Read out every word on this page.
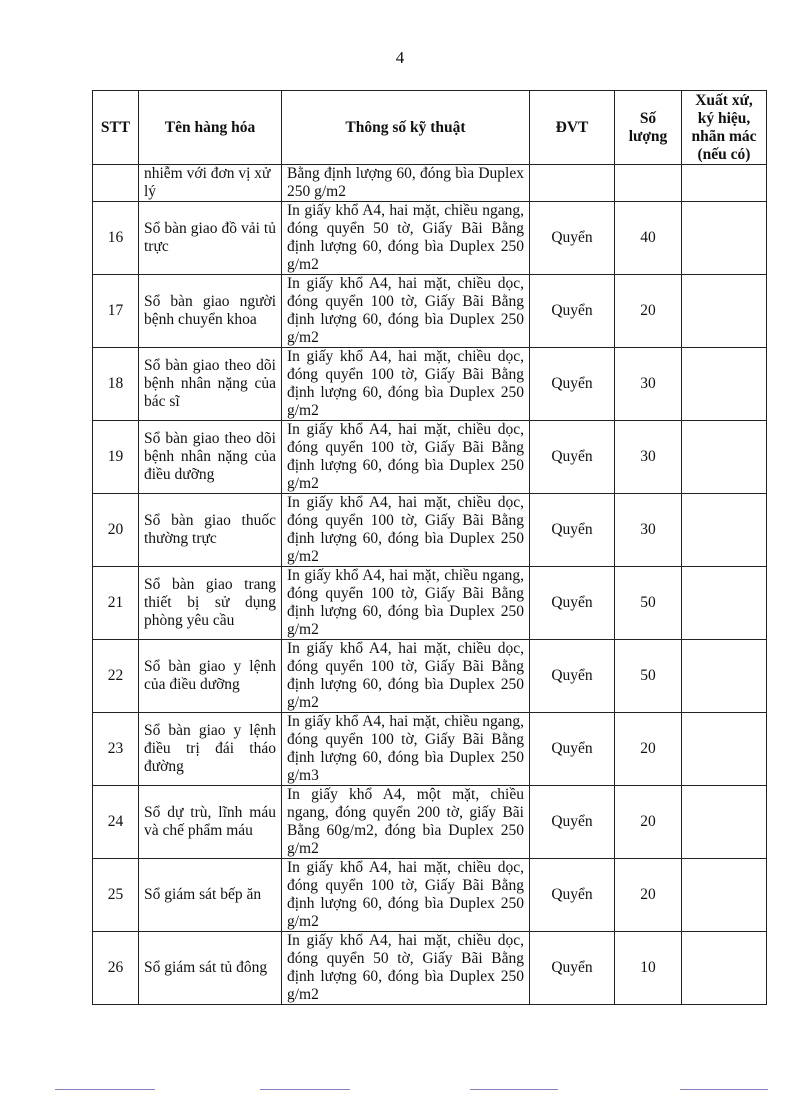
4
STT	Tên hàng hóa	Thông số kỹ thuật	ĐVT	Số lượng	Xuất xứ, ký hiệu, nhãn mác (nếu có)
	nhiễm với đơn vị xử lý	Bằng định lượng 60, đóng bìa Duplex 250 g/m2			
16	Sổ bàn giao đồ vải tủ trực	In giấy khổ A4, hai mặt, chiều ngang, đóng quyển 50 tờ, Giấy Bãi Bằng định lượng 60, đóng bìa Duplex 250 g/m2	Quyển	40	
17	Sổ bàn giao người bệnh chuyển khoa	In giấy khổ A4, hai mặt, chiều dọc, đóng quyển 100 tờ, Giấy Bãi Bằng định lượng 60, đóng bìa Duplex 250 g/m2	Quyển	20	
18	Sổ bàn giao theo dõi bệnh nhân nặng của bác sĩ	In giấy khổ A4, hai mặt, chiều dọc, đóng quyển 100 tờ, Giấy Bãi Bằng định lượng 60, đóng bìa Duplex 250 g/m2	Quyển	30	
19	Sổ bàn giao theo dõi bệnh nhân nặng của điều dưỡng	In giấy khổ A4, hai mặt, chiều dọc, đóng quyển 100 tờ, Giấy Bãi Bằng định lượng 60, đóng bìa Duplex 250 g/m2	Quyển	30	
20	Sổ bàn giao thuốc thường trực	In giấy khổ A4, hai mặt, chiều dọc, đóng quyển 100 tờ, Giấy Bãi Bằng định lượng 60, đóng bìa Duplex 250 g/m2	Quyển	30	
21	Sổ bàn giao trang thiết bị sử dụng phòng yêu cầu	In giấy khổ A4, hai mặt, chiều ngang, đóng quyển 100 tờ, Giấy Bãi Bằng định lượng 60, đóng bìa Duplex 250 g/m2	Quyển	50	
22	Sổ bàn giao y lệnh của điều dưỡng	In giấy khổ A4, hai mặt, chiều dọc, đóng quyển 100 tờ, Giấy Bãi Bằng định lượng 60, đóng bìa Duplex 250 g/m2	Quyển	50	
23	Sổ bàn giao y lệnh điều trị đái tháo đường	In giấy khổ A4, hai mặt, chiều ngang, đóng quyển 100 tờ, Giấy Bãi Bằng định lượng 60, đóng bìa Duplex 250 g/m3	Quyển	20	
24	Sổ dự trù, lĩnh máu và chế phẩm máu	In giấy khổ A4, một mặt, chiều ngang, đóng quyển 200 tờ, giấy Bãi Bằng 60g/m2, đóng bìa Duplex 250 g/m2	Quyển	20	
25	Sổ giám sát bếp ăn	In giấy khổ A4, hai mặt, chiều dọc, đóng quyển 100 tờ, Giấy Bãi Bằng định lượng 60, đóng bìa Duplex 250 g/m2	Quyển	20	
26	Sổ giám sát tủ đông	In giấy khổ A4, hai mặt, chiều dọc, đóng quyển 50 tờ, Giấy Bãi Bằng định lượng 60, đóng bìa Duplex 250 g/m2	Quyển	10	
